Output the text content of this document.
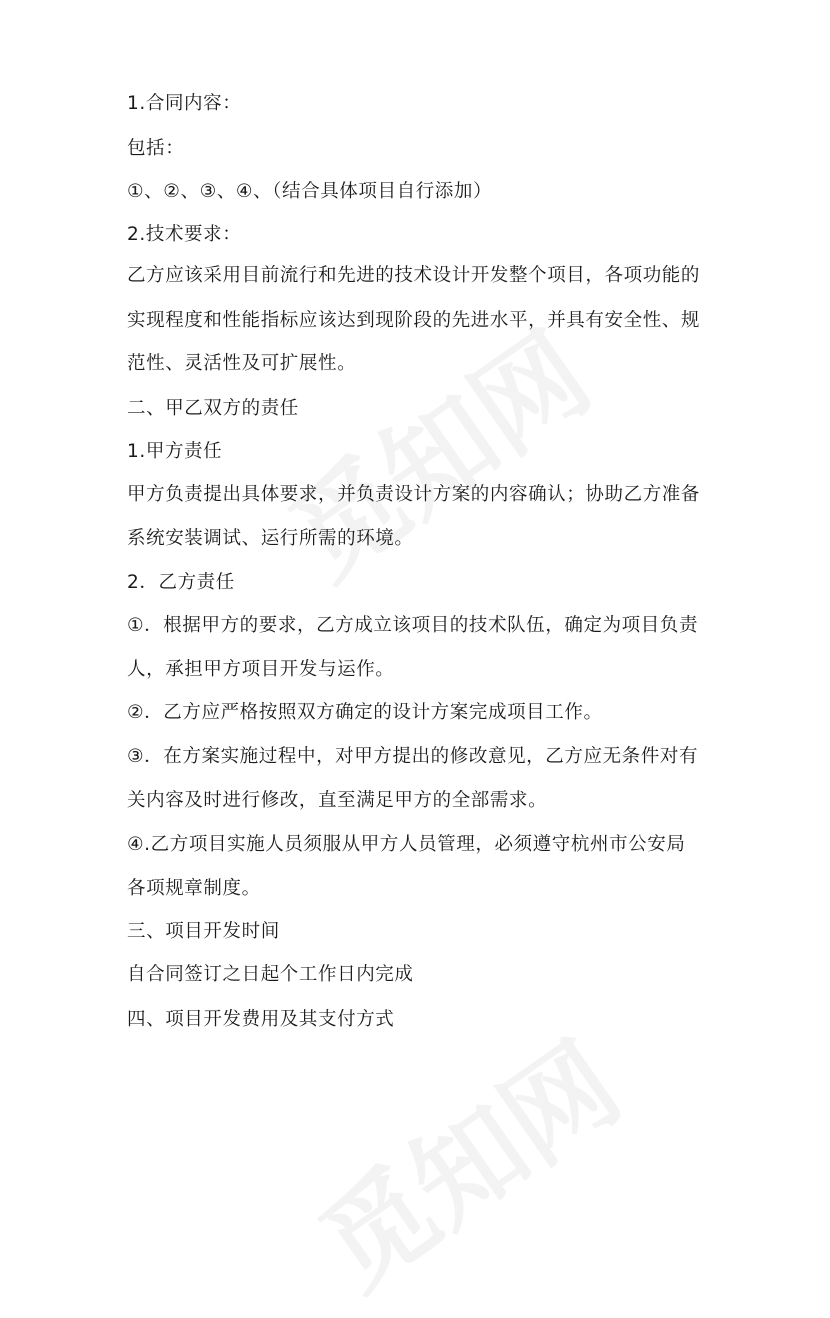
1.合同内容：
包括：
①、②、③、④、（结合具体项目自行添加）
2.技术要求：
乙方应该采用目前流行和先进的技术设计开发整个项目，各项功能的
实现程度和性能指标应该达到现阶段的先进水平，并具有安全性、规
范性、灵活性及可扩展性。
二、甲乙双方的责任
1.甲方责任
甲方负责提出具体要求，并负责设计方案的内容确认；协助乙方准备
系统安装调试、运行所需的环境。
2．乙方责任
①．根据甲方的要求，乙方成立该项目的技术队伍，确定为项目负责
人，承担甲方项目开发与运作。
②．乙方应严格按照双方确定的设计方案完成项目工作。
③．在方案实施过程中，对甲方提出的修改意见，乙方应无条件对有
关内容及时进行修改，直至满足甲方的全部需求。
④.乙方项目实施人员须服从甲方人员管理，必须遵守杭州市公安局
各项规章制度。
三、项目开发时间
自合同签订之日起个工作日内完成
四、项目开发费用及其支付方式
